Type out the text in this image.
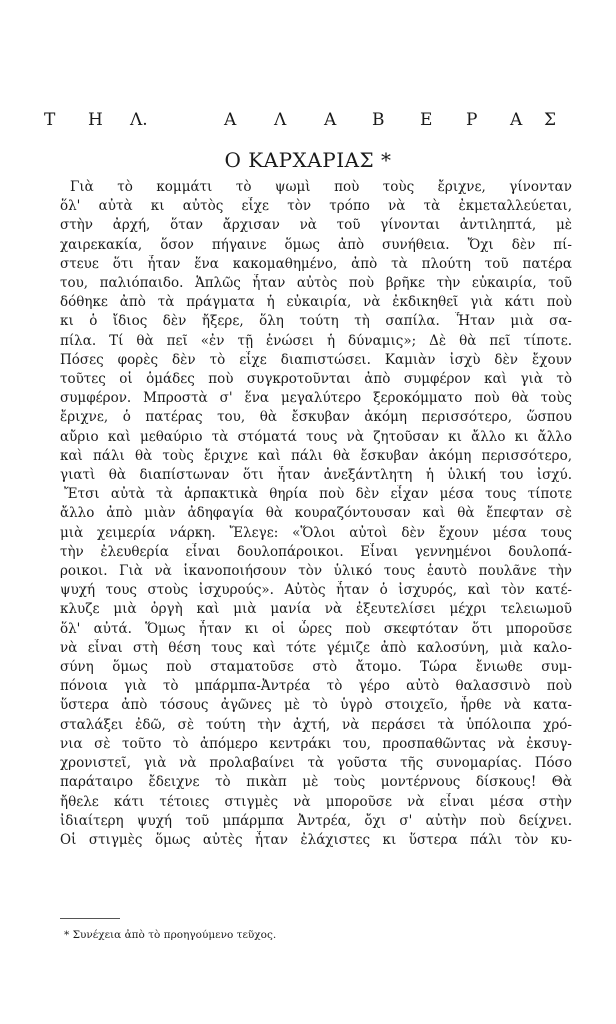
Τ Η Λ.	Α Λ Α Β Ε Ρ Α Σ
Ο ΚΑΡΧΑΡΙΑΣ *
Γιὰ τὸ κομμάτι τὸ ψωμὶ ποὺ τοὺς ἔριχνε, γίνονταν
ὅλ' αὐτὰ κι αὐτὸς εἶχε τὸν τρόπο νὰ τὰ ἐκμεταλλεύεται,
στὴν ἀρχή, ὅταν ἄρχισαν νὰ τοῦ γίνονται ἀντιληπτά, μὲ
χαιρεκακία, ὅσον πήγαινε ὅμως ἀπὸ συνήθεια. Ὄχι δὲν πί-
στευε ὅτι ἦταν ἕνα κακομαθημένο, ἀπὸ τὰ πλούτη τοῦ πατέρα
του, παλιόπαιδο. Ἁπλῶς ἦταν αὐτὸς ποὺ βρῆκε τὴν εὐκαιρία, τοῦ
δόθηκε ἀπὸ τὰ πράγματα ἡ εὐκαιρία, νὰ ἐκδικηθεῖ γιὰ κάτι ποὺ
κι ὁ ἴδιος δὲν ἤξερε, ὅλη τούτη τὴ σαπίλα. Ἦταν μιὰ σα-
πίλα. Τί θὰ πεῖ «ἐν τῇ ἑνώσει ἡ δύναμις»; Δὲ θὰ πεῖ τίποτε.
Πόσες φορὲς δὲν τὸ εἶχε διαπιστώσει. Καμιὰν ἰσχὺ δὲν ἔχουν
τοῦτες οἱ ὁμάδες ποὺ συγκροτοῦνται ἀπὸ συμφέρον καὶ γιὰ τὸ
συμφέρον. Μπροστὰ σ' ἕνα μεγαλύτερο ξεροκόμματο ποὺ θὰ τοὺς
ἔριχνε, ὁ πατέρας του, θὰ ἔσκυβαν ἀκόμη περισσότερο, ὥσπου
αὔριο καὶ μεθαύριο τὰ στόματά τους νὰ ζητοῦσαν κι ἄλλο κι ἄλλο
καὶ πάλι θὰ τοὺς ἔριχνε καὶ πάλι θὰ ἔσκυβαν ἀκόμη περισσότερο,
γιατὶ θὰ διαπίστωναν ὅτι ἦταν ἀνεξάντλητη ἡ ὑλική του ἰσχύ.
Ἔτσι αὐτὰ τὰ ἁρπακτικὰ θηρία ποὺ δὲν εἶχαν μέσα τους τίποτε
ἄλλο ἀπὸ μιὰν ἀδηφαγία θὰ κουραζόντουσαν καὶ θὰ ἔπεφταν σὲ
μιὰ χειμερία νάρκη. Ἔλεγε: «Ὅλοι αὐτοὶ δὲν ἔχουν μέσα τους
τὴν ἐλευθερία εἶναι δουλοπάροικοι. Εἶναι γεννημένοι δουλοπά-
ροικοι. Γιὰ νὰ ἱκανοποιήσουν τὸν ὑλικό τους ἑαυτὸ πουλᾶνε τὴν
ψυχή τους στοὺς ἰσχυρούς». Αὐτὸς ἦταν ὁ ἰσχυρός, καὶ τὸν κατέ-
κλυζε μιὰ ὀργὴ καὶ μιὰ μανία νὰ ἐξευτελίσει μέχρι τελειωμοῦ
ὅλ' αὐτά. Ὅμως ἦταν κι οἱ ὧρες ποὺ σκεφτόταν ὅτι μποροῦσε
νὰ εἶναι στὴ θέση τους καὶ τότε γέμιζε ἀπὸ καλοσύνη, μιὰ καλο-
σύνη ὅμως ποὺ σταματοῦσε στὸ ἄτομο. Τώρα ἔνιωθε συμ-
πόνοια γιὰ τὸ μπάρμπα-Ἀντρέα τὸ γέρο αὐτὸ θαλασσινὸ ποὺ
ὕστερα ἀπὸ τόσους ἀγῶνες μὲ τὸ ὑγρὸ στοιχεῖο, ἦρθε νὰ κατα-
σταλάξει ἐδῶ, σὲ τούτη τὴν ἀχτή, νὰ περάσει τὰ ὑπόλοιπα χρό-
νια σὲ τοῦτο τὸ ἀπόμερο κεντράκι του, προσπαθῶντας νὰ ἐκσυγ-
χρονιστεῖ, γιὰ νὰ προλαβαίνει τὰ γοῦστα τῆς συνομαρίας. Πόσο
παράταιρο ἔδειχνε τὸ πικὰπ μὲ τοὺς μοντέρνους δίσκους! Θὰ
ἤθελε κάτι τέτοιες στιγμὲς νὰ μποροῦσε νὰ εἶναι μέσα στὴν
ἰδιαίτερη ψυχή τοῦ μπάρμπα Ἀντρέα, ὄχι σ' αὐτὴν ποὺ δείχνει.
Οἱ στιγμὲς ὅμως αὐτὲς ἦταν ἐλάχιστες κι ὕστερα πάλι τὸν κυ-
* Συνέχεια ἀπὸ τὸ προηγούμενο τεῦχος.
